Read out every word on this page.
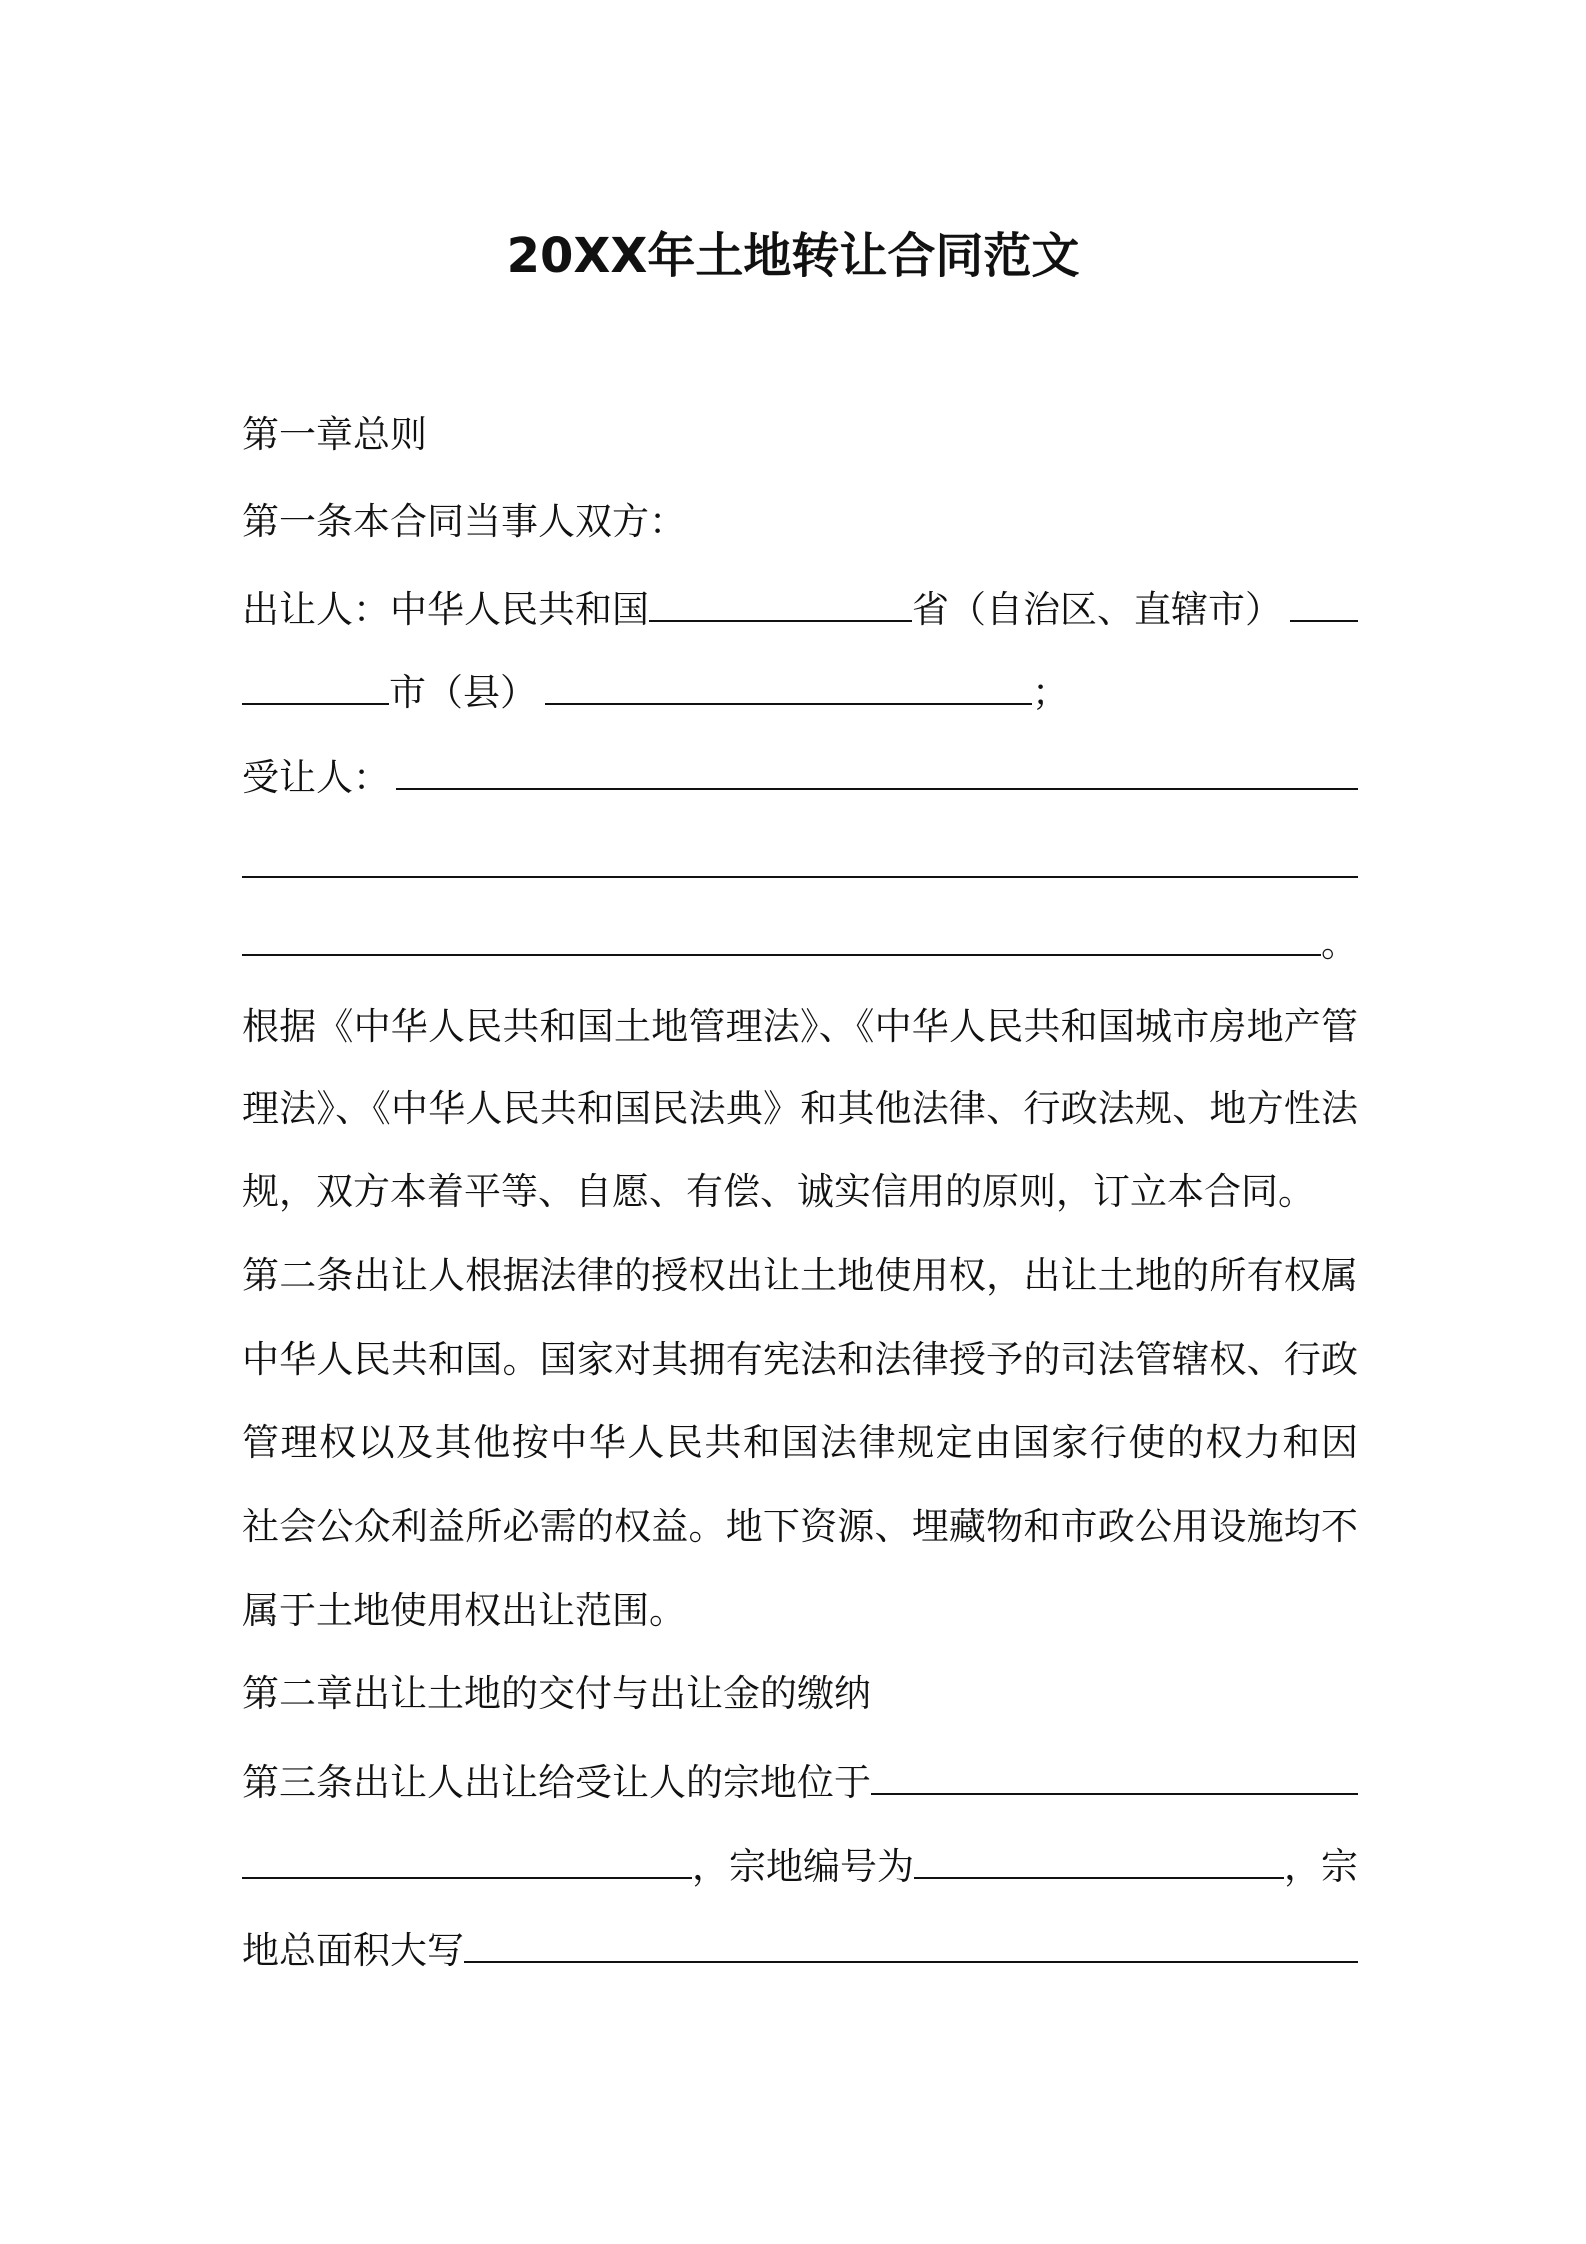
20XX年土地转让合同范文
第一章总则
第一条本合同当事人双方：
出让人：中华人民共和国	省（自治区、直辖市）
市（县）	；
受让人：
。
根据《中华人民共和国土地管理法》、《中华人民共和国城市房地产管
理法》、《中华人民共和国民法典》和其他法律、行政法规、地方性法
规，双方本着平等、自愿、有偿、诚实信用的原则，订立本合同。
第二条出让人根据法律的授权出让土地使用权，出让土地的所有权属
中华人民共和国。国家对其拥有宪法和法律授予的司法管辖权、行政
管理权以及其他按中华人民共和国法律规定由国家行使的权力和因
社会公众利益所必需的权益。地下资源、埋藏物和市政公用设施均不
属于土地使用权出让范围。
第二章出让土地的交付与出让金的缴纳
第三条出让人出让给受让人的宗地位于
，宗地编号为	，宗
地总面积大写
